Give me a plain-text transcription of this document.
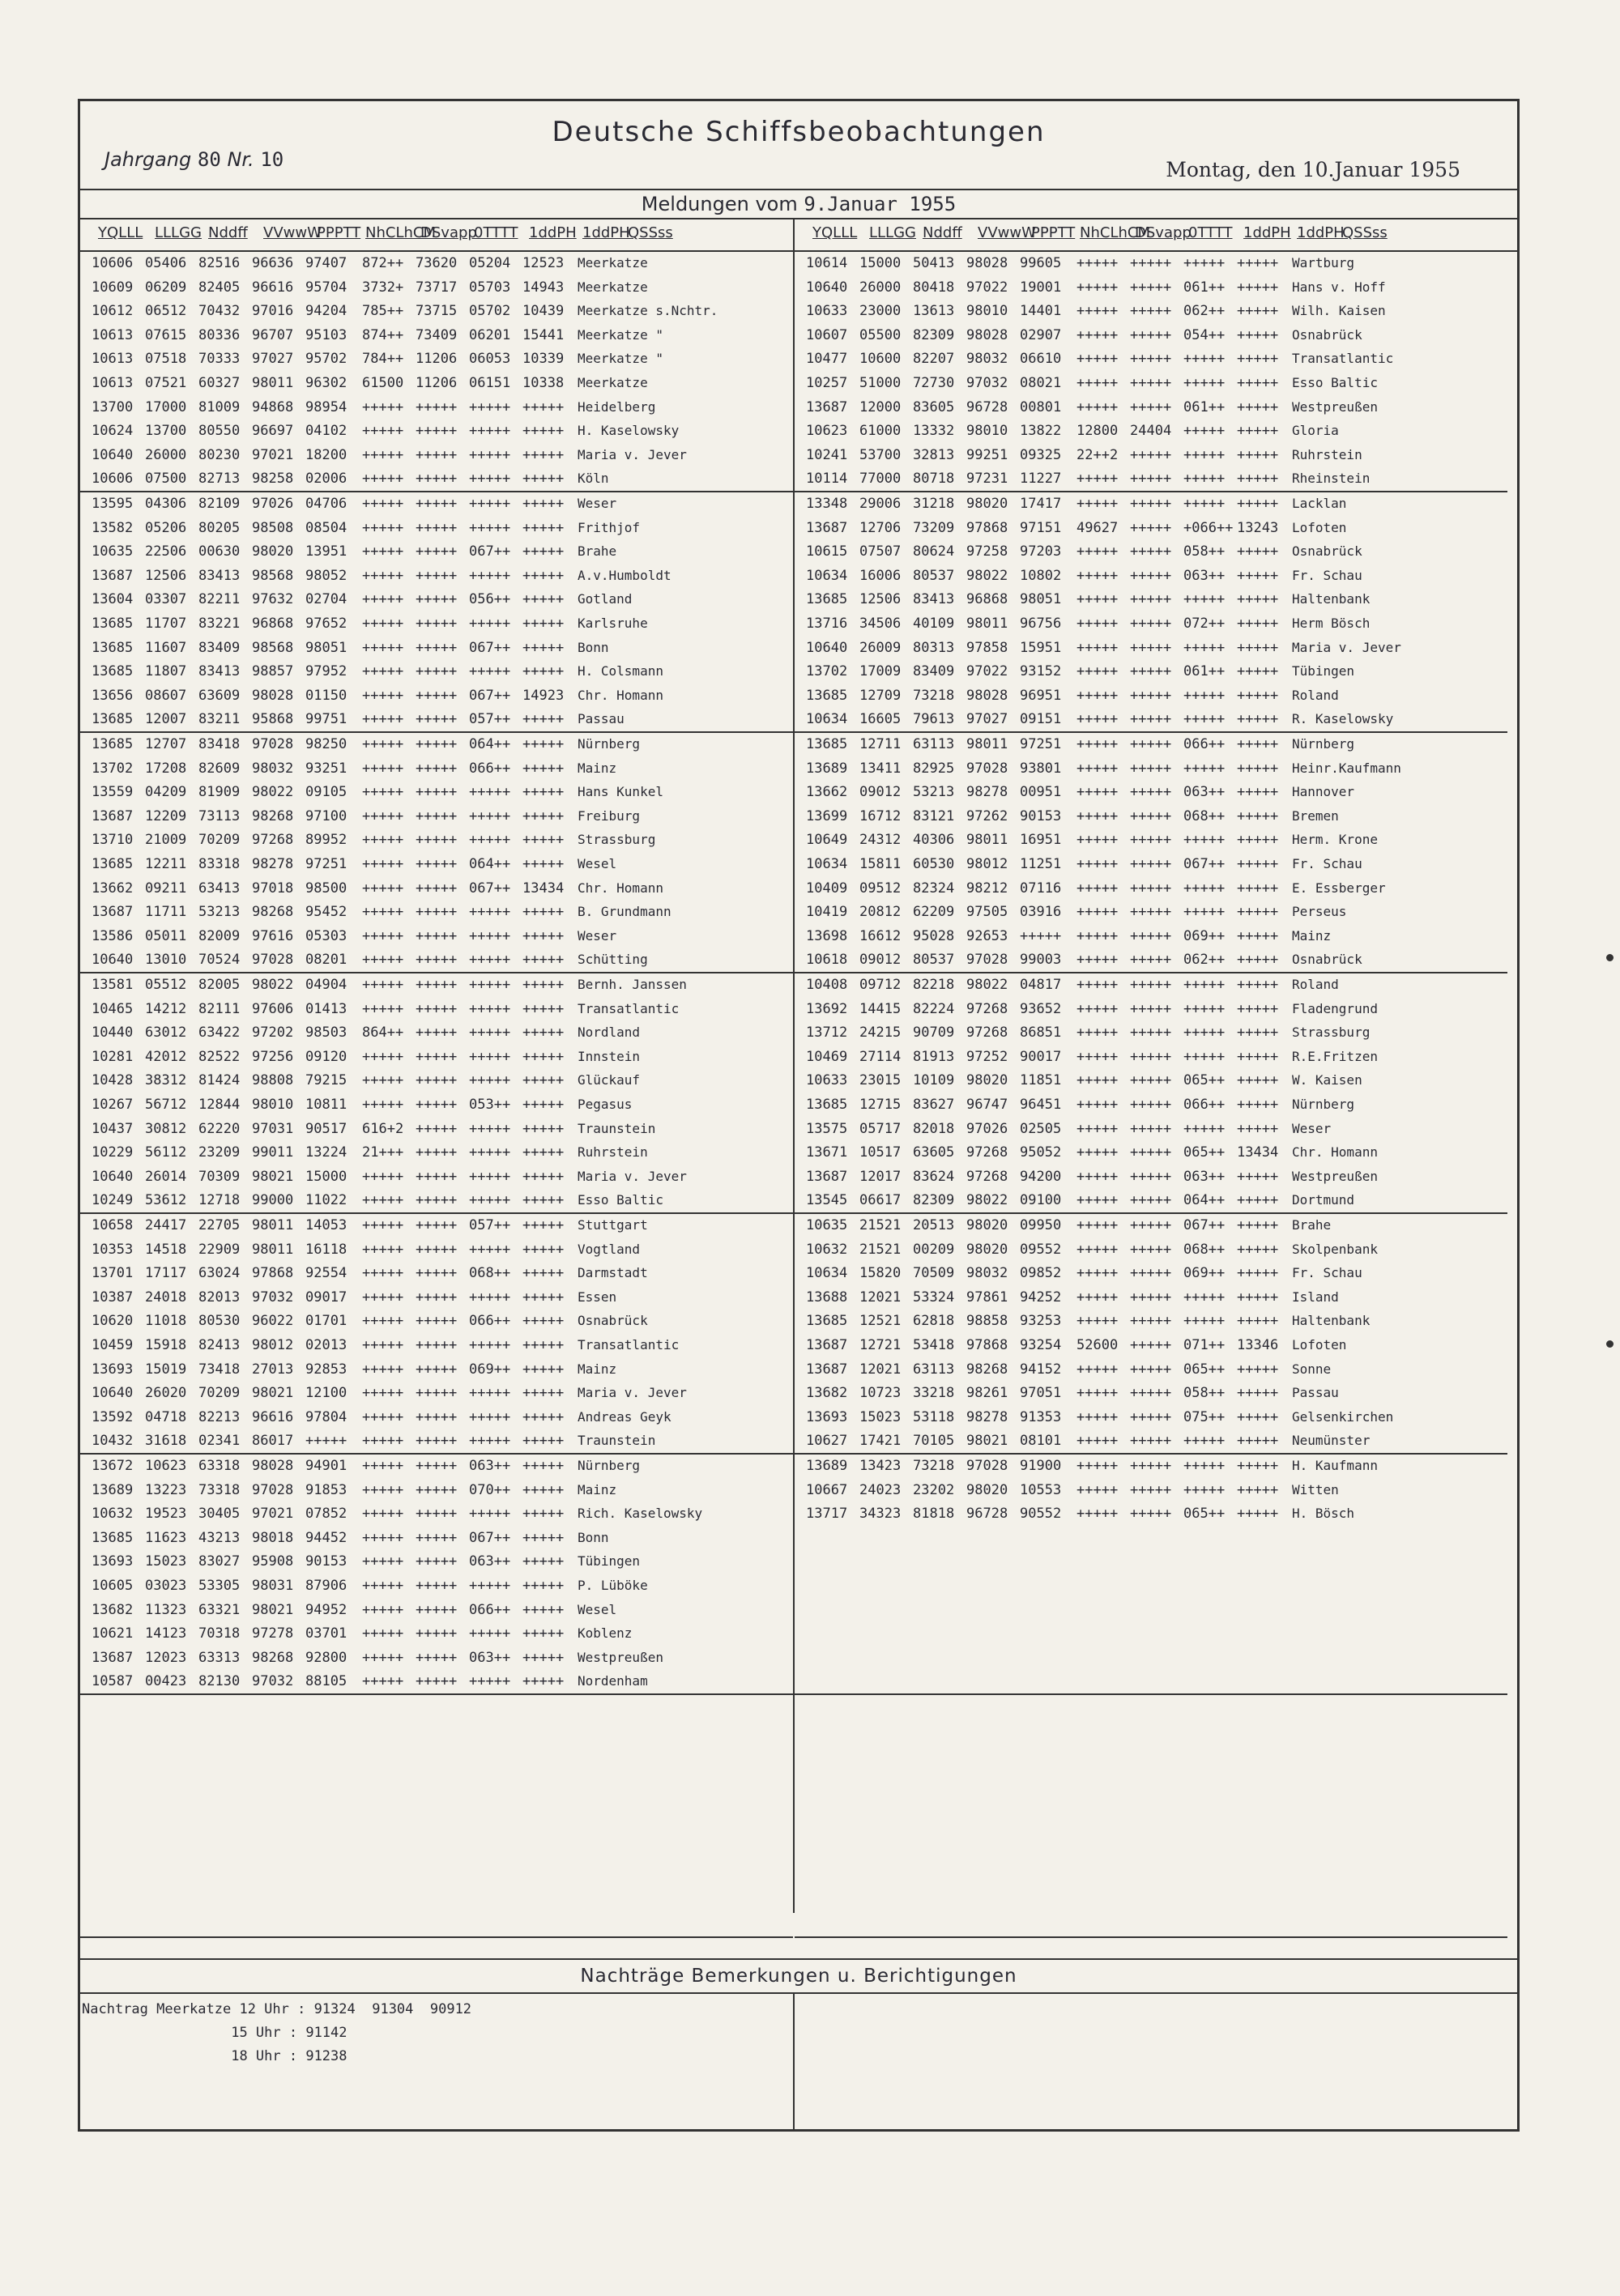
Deutsche Schiffsbeobachtungen
Jahrgang 80 Nr. 10	Montag, den 10.Januar 1955
Meldungen vom 9.Januar 1955
YQLLL LLLGG Nddff VVwwW
PPPTT NhCLhCM
DSvapp
0TTTT 1ddPH 1ddPH
QSSss	YQLLL LLLGG Nddff VVwwW
PPPTT NhCLhCM
DSvapp
0TTTT 1ddPH 1ddPH
QSSss
10606 05406 82516 96636 97407 872++ 73620 05204 12523 Meerkatze
10609 06209 82405 96616 95704 3732+ 73717 05703 14943 Meerkatze
10612 06512 70432 97016 94204 785++ 73715 05702 10439 Meerkatze s.Nchtr.
10613 07615 80336 96707 95103 874++ 73409 06201 15441 Meerkatze "
10613 07518 70333 97027 95702 784++ 11206 06053 10339 Meerkatze "
10613 07521 60327 98011 96302 61500 11206 06151 10338 Meerkatze
13700 17000 81009 94868 98954 +++++ +++++ +++++ +++++ Heidelberg
10624 13700 80550 96697 04102 +++++ +++++ +++++ +++++ H. Kaselowsky
10640 26000 80230 97021 18200 +++++ +++++ +++++ +++++ Maria v. Jever
10606 07500 82713 98258 02006 +++++ +++++ +++++ +++++ Köln
13595 04306 82109 97026 04706 +++++ +++++ +++++ +++++ Weser
13582 05206 80205 98508 08504 +++++ +++++ +++++ +++++ Frithjof
10635 22506 00630 98020 13951 +++++ +++++ 067++ +++++ Brahe
13687 12506 83413 98568 98052 +++++ +++++ +++++ +++++ A.v.Humboldt
13604 03307 82211 97632 02704 +++++ +++++ 056++ +++++ Gotland
13685 11707 83221 96868 97652 +++++ +++++ +++++ +++++ Karlsruhe
13685 11607 83409 98568 98051 +++++ +++++ 067++ +++++ Bonn
13685 11807 83413 98857 97952 +++++ +++++ +++++ +++++ H. Colsmann
13656 08607 63609 98028 01150 +++++ +++++ 067++ 14923 Chr. Homann
13685 12007 83211 95868 99751 +++++ +++++ 057++ +++++ Passau
13685 12707 83418 97028 98250 +++++ +++++ 064++ +++++ Nürnberg
13702 17208 82609 98032 93251 +++++ +++++ 066++ +++++ Mainz
13559 04209 81909 98022 09105 +++++ +++++ +++++ +++++ Hans Kunkel
13687 12209 73113 98268 97100 +++++ +++++ +++++ +++++ Freiburg
13710 21009 70209 97268 89952 +++++ +++++ +++++ +++++ Strassburg
13685 12211 83318 98278 97251 +++++ +++++ 064++ +++++ Wesel
13662 09211 63413 97018 98500 +++++ +++++ 067++ 13434 Chr. Homann
13687 11711 53213 98268 95452 +++++ +++++ +++++ +++++ B. Grundmann
13586 05011 82009 97616 05303 +++++ +++++ +++++ +++++ Weser
10640 13010 70524 97028 08201 +++++ +++++ +++++ +++++ Schütting
13581 05512 82005 98022 04904 +++++ +++++ +++++ +++++ Bernh. Janssen
10465 14212 82111 97606 01413 +++++ +++++ +++++ +++++ Transatlantic
10440 63012 63422 97202 98503 864++ +++++ +++++ +++++ Nordland
10281 42012 82522 97256 09120 +++++ +++++ +++++ +++++ Innstein
10428 38312 81424 98808 79215 +++++ +++++ +++++ +++++ Glückauf
10267 56712 12844 98010 10811 +++++ +++++ 053++ +++++ Pegasus
10437 30812 62220 97031 90517 616+2 +++++ +++++ +++++ Traunstein
10229 56112 23209 99011 13224 21+++ +++++ +++++ +++++ Ruhrstein
10640 26014 70309 98021 15000 +++++ +++++ +++++ +++++ Maria v. Jever
10249 53612 12718 99000 11022 +++++ +++++ +++++ +++++ Esso Baltic
10658 24417 22705 98011 14053 +++++ +++++ 057++ +++++ Stuttgart
10353 14518 22909 98011 16118 +++++ +++++ +++++ +++++ Vogtland
13701 17117 63024 97868 92554 +++++ +++++ 068++ +++++ Darmstadt
10387 24018 82013 97032 09017 +++++ +++++ +++++ +++++ Essen
10620 11018 80530 96022 01701 +++++ +++++ 066++ +++++ Osnabrück
10459 15918 82413 98012 02013 +++++ +++++ +++++ +++++ Transatlantic
13693 15019 73418 27013 92853 +++++ +++++ 069++ +++++ Mainz
10640 26020 70209 98021 12100 +++++ +++++ +++++ +++++ Maria v. Jever
13592 04718 82213 96616 97804 +++++ +++++ +++++ +++++ Andreas Geyk
10432 31618 02341 86017 +++++ +++++ +++++ +++++ +++++ Traunstein
13672 10623 63318 98028 94901 +++++ +++++ 063++ +++++ Nürnberg
13689 13223 73318 97028 91853 +++++ +++++ 070++ +++++ Mainz
10632 19523 30405 97021 07852 +++++ +++++ +++++ +++++ Rich. Kaselowsky
13685 11623 43213 98018 94452 +++++ +++++ 067++ +++++ Bonn
13693 15023 83027 95908 90153 +++++ +++++ 063++ +++++ Tübingen
10605 03023 53305 98031 87906 +++++ +++++ +++++ +++++ P. Lüböke
13682 11323 63321 98021 94952 +++++ +++++ 066++ +++++ Wesel
10621 14123 70318 97278 03701 +++++ +++++ +++++ +++++ Koblenz
13687 12023 63313 98268 92800 +++++ +++++ 063++ +++++ Westpreußen
10587 00423 82130 97032 88105 +++++ +++++ +++++ +++++ Nordenham
10614 15000 50413 98028 99605 +++++ +++++ +++++ +++++ Wartburg
10640 26000 80418 97022 19001 +++++ +++++ 061++ +++++ Hans v. Hoff
10633 23000 13613 98010 14401 +++++ +++++ 062++ +++++ Wilh. Kaisen
10607 05500 82309 98028 02907 +++++ +++++ 054++ +++++ Osnabrück
10477 10600 82207 98032 06610 +++++ +++++ +++++ +++++ Transatlantic
10257 51000 72730 97032 08021 +++++ +++++ +++++ +++++ Esso Baltic
13687 12000 83605 96728 00801 +++++ +++++ 061++ +++++ Westpreußen
10623 61000 13332 98010 13822 12800 24404 +++++ +++++ Gloria
10241 53700 32813 99251 09325 22++2 +++++ +++++ +++++ Ruhrstein
10114 77000 80718 97231 11227 +++++ +++++ +++++ +++++ Rheinstein
13348 29006 31218 98020 17417 +++++ +++++ +++++ +++++ Lacklan
13687 12706 73209 97868 97151 49627 +++++ +066++ 13243 Lofoten
10615 07507 80624 97258 97203 +++++ +++++ 058++ +++++ Osnabrück
10634 16006 80537 98022 10802 +++++ +++++ 063++ +++++ Fr. Schau
13685 12506 83413 96868 98051 +++++ +++++ +++++ +++++ Haltenbank
13716 34506 40109 98011 96756 +++++ +++++ 072++ +++++ Herm Bösch
10640 26009 80313 97858 15951 +++++ +++++ +++++ +++++ Maria v. Jever
13702 17009 83409 97022 93152 +++++ +++++ 061++ +++++ Tübingen
13685 12709 73218 98028 96951 +++++ +++++ +++++ +++++ Roland
10634 16605 79613 97027 09151 +++++ +++++ +++++ +++++ R. Kaselowsky
13685 12711 63113 98011 97251 +++++ +++++ 066++ +++++ Nürnberg
13689 13411 82925 97028 93801 +++++ +++++ +++++ +++++ Heinr.Kaufmann
13662 09012 53213 98278 00951 +++++ +++++ 063++ +++++ Hannover
13699 16712 83121 97262 90153 +++++ +++++ 068++ +++++ Bremen
10649 24312 40306 98011 16951 +++++ +++++ +++++ +++++ Herm. Krone
10634 15811 60530 98012 11251 +++++ +++++ 067++ +++++ Fr. Schau
10409 09512 82324 98212 07116 +++++ +++++ +++++ +++++ E. Essberger
10419 20812 62209 97505 03916 +++++ +++++ +++++ +++++ Perseus
13698 16612 95028 92653 +++++ +++++ +++++ 069++ +++++ Mainz
10618 09012 80537 97028 99003 +++++ +++++ 062++ +++++ Osnabrück
10408 09712 82218 98022 04817 +++++ +++++ +++++ +++++ Roland
13692 14415 82224 97268 93652 +++++ +++++ +++++ +++++ Fladengrund
13712 24215 90709 97268 86851 +++++ +++++ +++++ +++++ Strassburg
10469 27114 81913 97252 90017 +++++ +++++ +++++ +++++ R.E.Fritzen
10633 23015 10109 98020 11851 +++++ +++++ 065++ +++++ W. Kaisen
13685 12715 83627 96747 96451 +++++ +++++ 066++ +++++ Nürnberg
13575 05717 82018 97026 02505 +++++ +++++ +++++ +++++ Weser
13671 10517 63605 97268 95052 +++++ +++++ 065++ 13434 Chr. Homann
13687 12017 83624 97268 94200 +++++ +++++ 063++ +++++ Westpreußen
13545 06617 82309 98022 09100 +++++ +++++ 064++ +++++ Dortmund
10635 21521 20513 98020 09950 +++++ +++++ 067++ +++++ Brahe
10632 21521 00209 98020 09552 +++++ +++++ 068++ +++++ Skolpenbank
10634 15820 70509 98032 09852 +++++ +++++ 069++ +++++ Fr. Schau
13688 12021 53324 97861 94252 +++++ +++++ +++++ +++++ Island
13685 12521 62818 98858 93253 +++++ +++++ +++++ +++++ Haltenbank
13687 12721 53418 97868 93254 52600 +++++ 071++ 13346 Lofoten
13687 12021 63113 98268 94152 +++++ +++++ 065++ +++++ Sonne
13682 10723 33218 98261 97051 +++++ +++++ 058++ +++++ Passau
13693 15023 53118 98278 91353 +++++ +++++ 075++ +++++ Gelsenkirchen
10627 17421 70105 98021 08101 +++++ +++++ +++++ +++++ Neumünster
13689 13423 73218 97028 91900 +++++ +++++ +++++ +++++ H. Kaufmann
10667 24023 23202 98020 10553 +++++ +++++ +++++ +++++ Witten
13717 34323 81818 96728 90552 +++++ +++++ 065++ +++++ H. Bösch
Nachträge Bemerkungen u. Berichtigungen
Nachtrag Meerkatze 12 Uhr : 91324  91304  90912
15 Uhr : 91142
18 Uhr : 91238
